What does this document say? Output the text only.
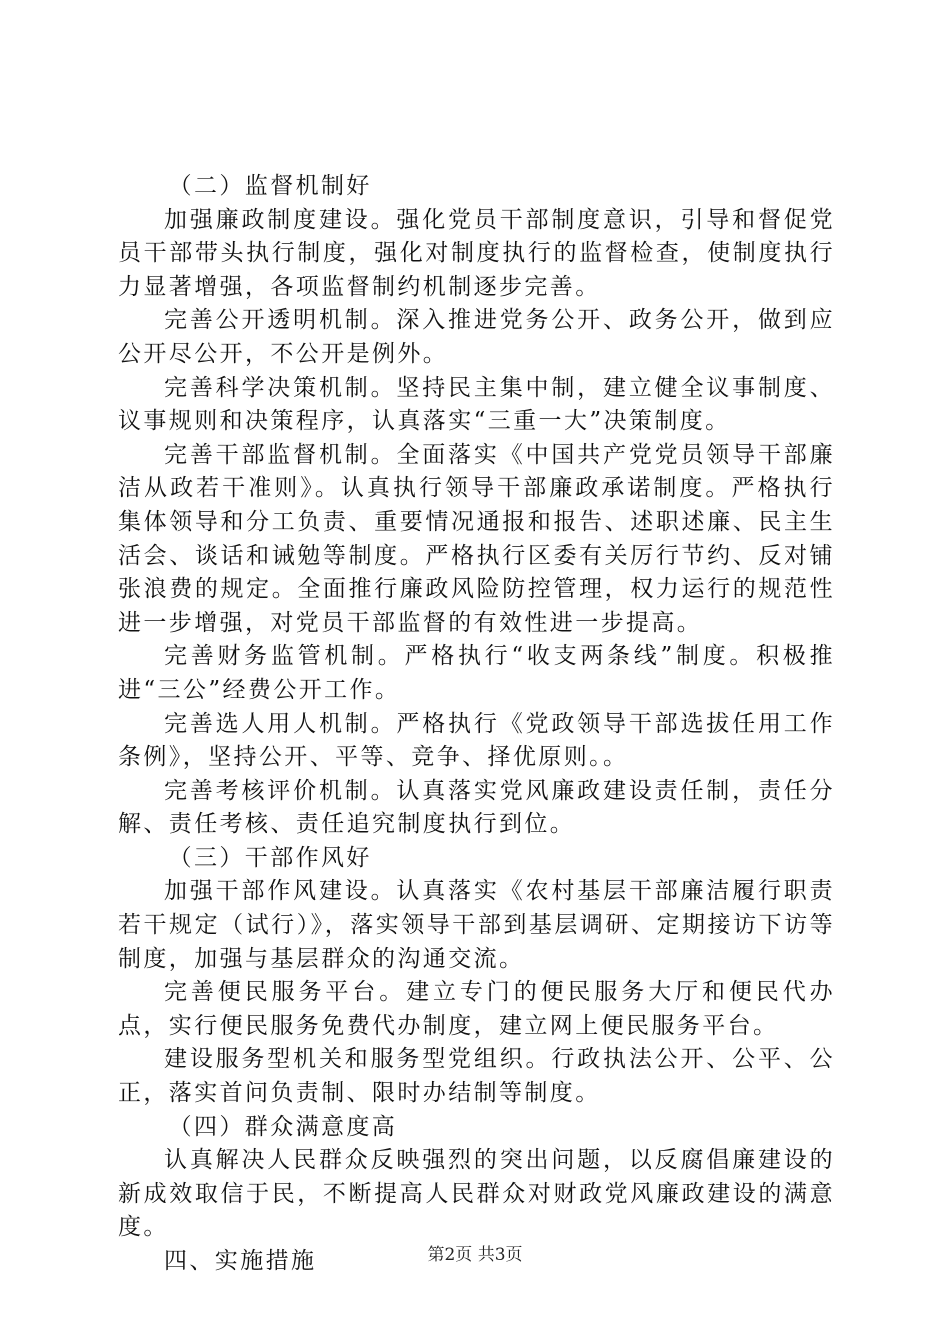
（二）监督机制好

加强廉政制度建设。强化党员干部制度意识，引导和督促党员干部带头执行制度，强化对制度执行的监督检查，使制度执行力显著增强，各项监督制约机制逐步完善。

完善公开透明机制。深入推进党务公开、政务公开，做到应公开尽公开，不公开是例外。

完善科学决策机制。坚持民主集中制，建立健全议事制度、议事规则和决策程序，认真落实“三重一大”决策制度。

完善干部监督机制。全面落实《中国共产党党员领导干部廉洁从政若干准则》。认真执行领导干部廉政承诺制度。严格执行集体领导和分工负责、重要情况通报和报告、述职述廉、民主生活会、谈话和诫勉等制度。严格执行区委有关厉行节约、反对铺张浪费的规定。全面推行廉政风险防控管理，权力运行的规范性进一步增强，对党员干部监督的有效性进一步提高。

完善财务监管机制。严格执行“收支两条线”制度。积极推进“三公”经费公开工作。

完善选人用人机制。严格执行《党政领导干部选拔任用工作条例》，坚持公开、平等、竞争、择优原则。。

完善考核评价机制。认真落实党风廉政建设责任制，责任分解、责任考核、责任追究制度执行到位。

（三）干部作风好

加强干部作风建设。认真落实《农村基层干部廉洁履行职责若干规定（试行）》，落实领导干部到基层调研、定期接访下访等制度，加强与基层群众的沟通交流。

完善便民服务平台。建立专门的便民服务大厅和便民代办点，实行便民服务免费代办制度，建立网上便民服务平台。

建设服务型机关和服务型党组织。行政执法公开、公平、公正，落实首问负责制、限时办结制等制度。

（四）群众满意度高

认真解决人民群众反映强烈的突出问题，以反腐倡廉建设的新成效取信于民，不断提高人民群众对财政党风廉政建设的满意度。

四、实施措施	第2页 共3页
